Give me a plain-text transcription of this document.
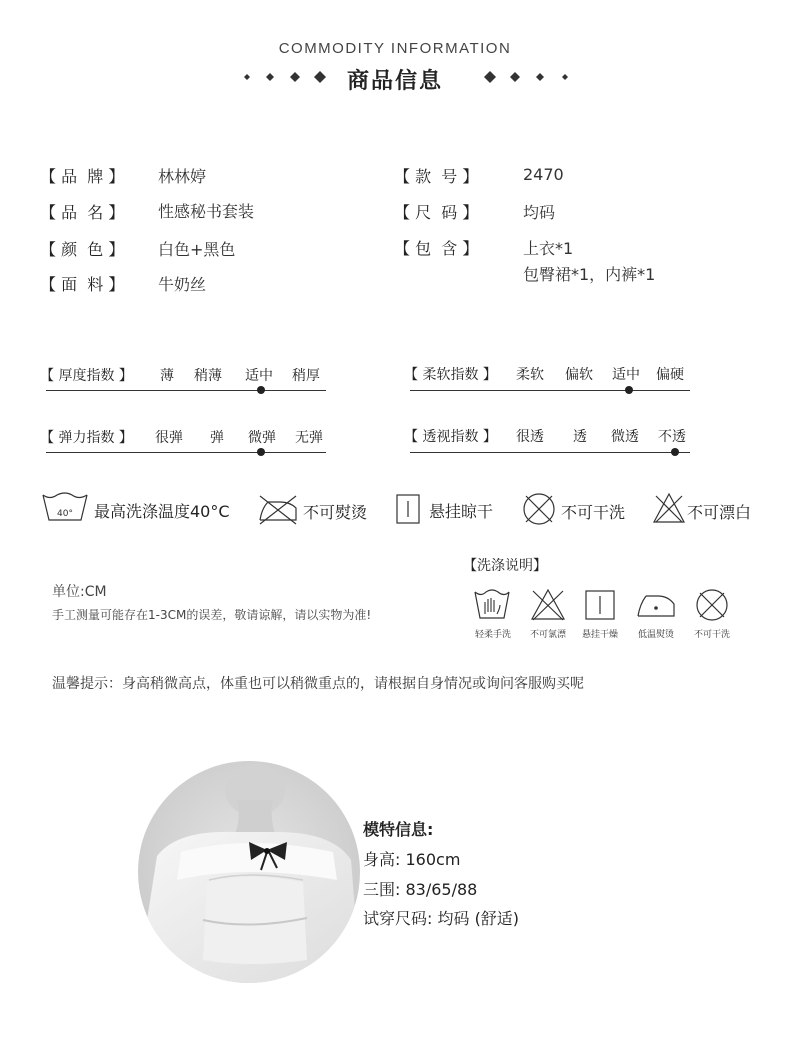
COMMODITY INFORMATION
商品信息
【 品  牌 】 林林婷
【 品  名 】 性感秘书套装
【 颜  色 】 白色+黑色
【 面  料 】 牛奶丝
【 款  号 】	2470
【 尺  码 】	均码
【 包  含 】	上衣*1
包臀裙*1，内裤*1
【 厚度指数 】 薄 稍薄 适中 稍厚	【 柔软指数 】 柔软 偏软 适中 偏硬
【 弹力指数 】 很弹 弹 微弹 无弹	【 透视指数 】 很透 透 微透 不透
40° 最高洗涤温度40°C	不可熨烫	悬挂晾干	不可干洗	不可漂白
【洗涤说明】
单位:CM
手工测量可能存在1-3CM的误差，敬请谅解，请以实物为准!
轻柔手洗	不可氯漂	悬挂干燥	低温熨烫	不可干洗
温馨提示：身高稍微高点，体重也可以稍微重点的，请根据自身情况或询问客服购买呢
模特信息:
身高: 160cm
三围: 83/65/88
试穿尺码: 均码 (舒适)
